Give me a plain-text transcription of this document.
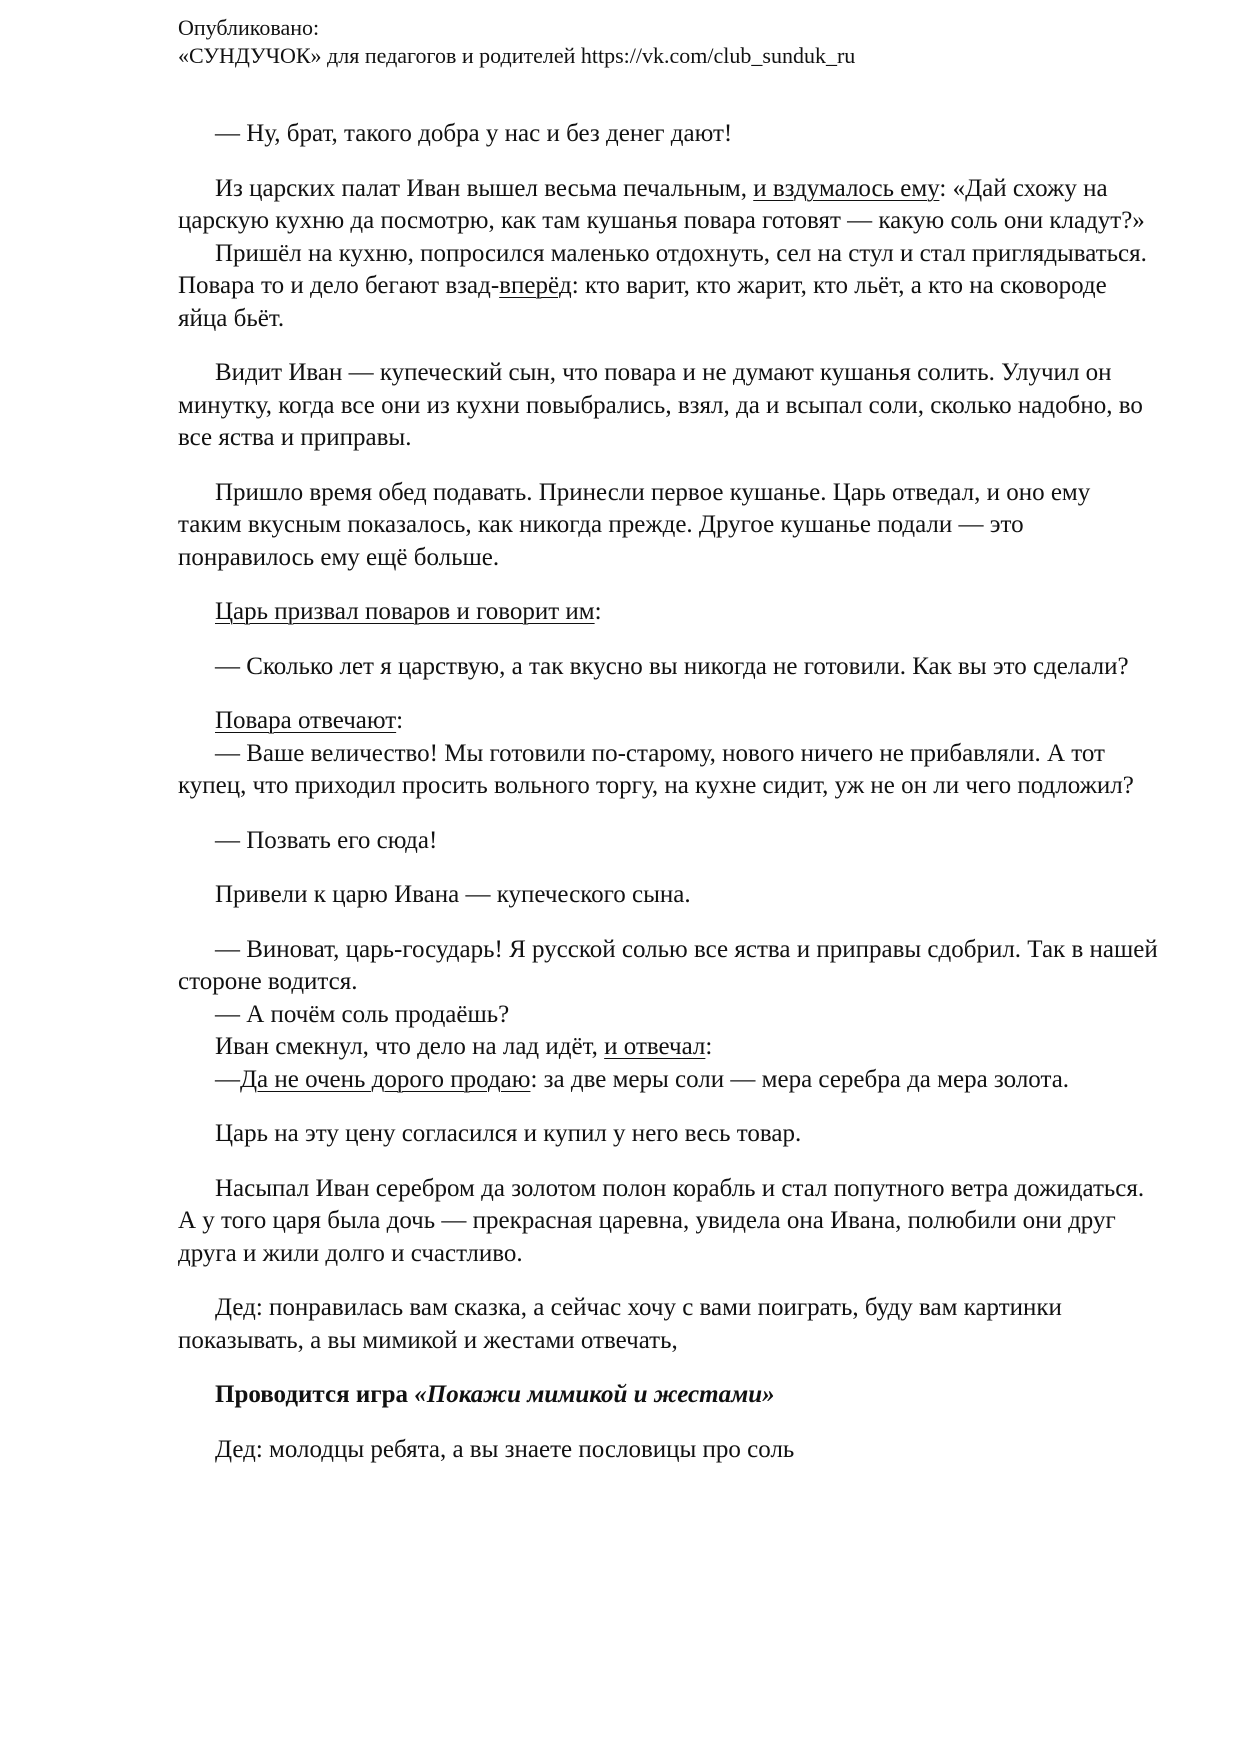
Опубликовано:
«СУНДУЧОК» для педагогов и родителей https://vk.com/club_sunduk_ru

— Ну, брат, такого добра у нас и без денег дают!

Из царских палат Иван вышел весьма печальным, и вздумалось ему: «Дай схожу на царскую кухню да посмотрю, как там кушанья повара готовят — какую соль они кладут?»

Пришёл на кухню, попросился маленько отдохнуть, сел на стул и стал приглядываться. Повара то и дело бегают взад-вперёд: кто варит, кто жарит, кто льёт, а кто на сковороде яйца бьёт.

Видит Иван — купеческий сын, что повара и не думают кушанья солить. Улучил он минутку, когда все они из кухни повыбрались, взял, да и всыпал соли, сколько надобно, во все яства и приправы.

Пришло время обед подавать. Принесли первое кушанье. Царь отведал, и оно ему таким вкусным показалось, как никогда прежде. Другое кушанье подали — это понравилось ему ещё больше.

Царь призвал поваров и говорит им:

— Сколько лет я царствую, а так вкусно вы никогда не готовили. Как вы это сделали?

Повара отвечают:

— Ваше величество! Мы готовили по-старому, нового ничего не прибавляли. А тот купец, что приходил просить вольного торгу, на кухне сидит, уж не он ли чего подложил?

— Позвать его сюда!

Привели к царю Ивана — купеческого сына.

— Виноват, царь-государь! Я русской солью все яства и приправы сдобрил. Так в нашей стороне водится.

— А почём соль продаёшь?

Иван смекнул, что дело на лад идёт, и отвечал:

—Да не очень дорого продаю: за две меры соли — мера серебра да мера золота.

Царь на эту цену согласился и купил у него весь товар.

Насыпал Иван серебром да золотом полон корабль и стал попутного ветра дожидаться. А у того царя была дочь — прекрасная царевна, увидела она Ивана, полюбили они друг друга и жили долго и счастливо.

Дед: понравилась вам сказка, а сейчас хочу с вами поиграть, буду вам картинки показывать, а вы мимикой и жестами отвечать,

Проводится игра «Покажи мимикой и жестами»

Дед: молодцы ребята, а вы знаете пословицы про соль
